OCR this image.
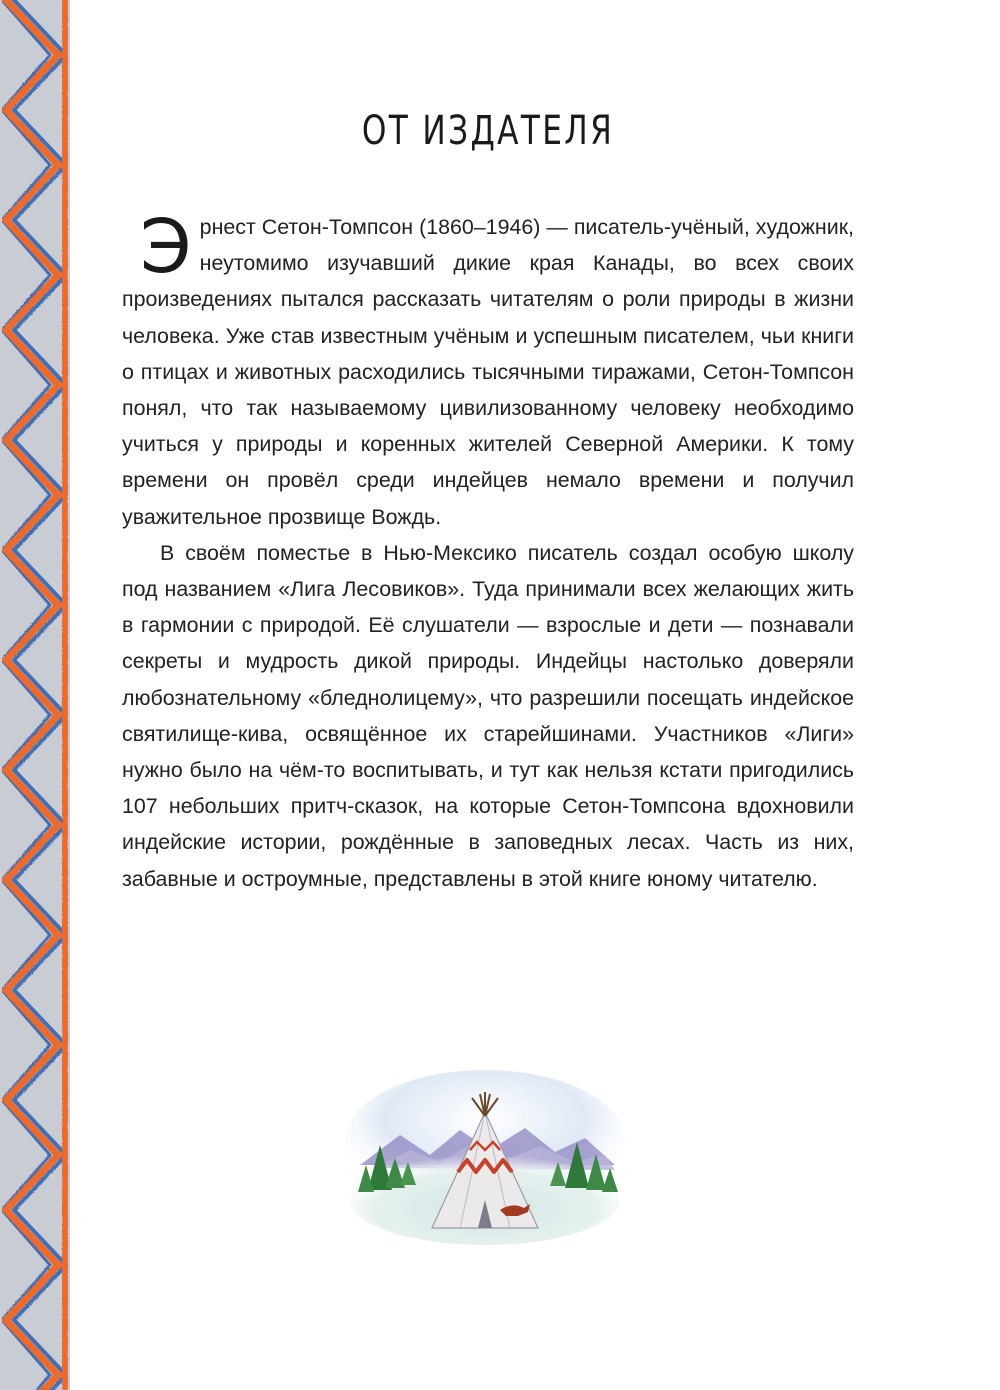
ОТ ИЗДАТЕЛЯ

Эрнест Сетон-Томпсон (1860–1946) — писатель-учёный, художник, неутомимо изучавший дикие края Канады, во всех своих произведениях пытался рассказать читателям о роли природы в жизни человека. Уже став известным учёным и успешным писателем, чьи книги о птицах и животных расходились тысячными тиражами, Сетон-Томпсон понял, что так называемому цивилизованному человеку необходимо учиться у природы и коренных жителей Северной Америки. К тому времени он провёл среди индейцев немало времени и получил уважительное прозвище Вождь.

В своём поместье в Нью-Мексико писатель создал особую школу под названием «Лига Лесовиков». Туда принимали всех желающих жить в гармонии с природой. Её слушатели — взрослые и дети — познавали секреты и мудрость дикой природы. Индейцы настолько доверяли любознательному «бледнолицему», что разрешили посещать индейское святилище-кива, освящённое их старейшинами. Участников «Лиги» нужно было на чём-то воспитывать, и тут как нельзя кстати пригодились 107 небольших притч-сказок, на которые Сетон-Томпсона вдохновили индейские истории, рождённые в заповедных лесах. Часть из них, забавные и остроумные, представлены в этой книге юному читателю.
